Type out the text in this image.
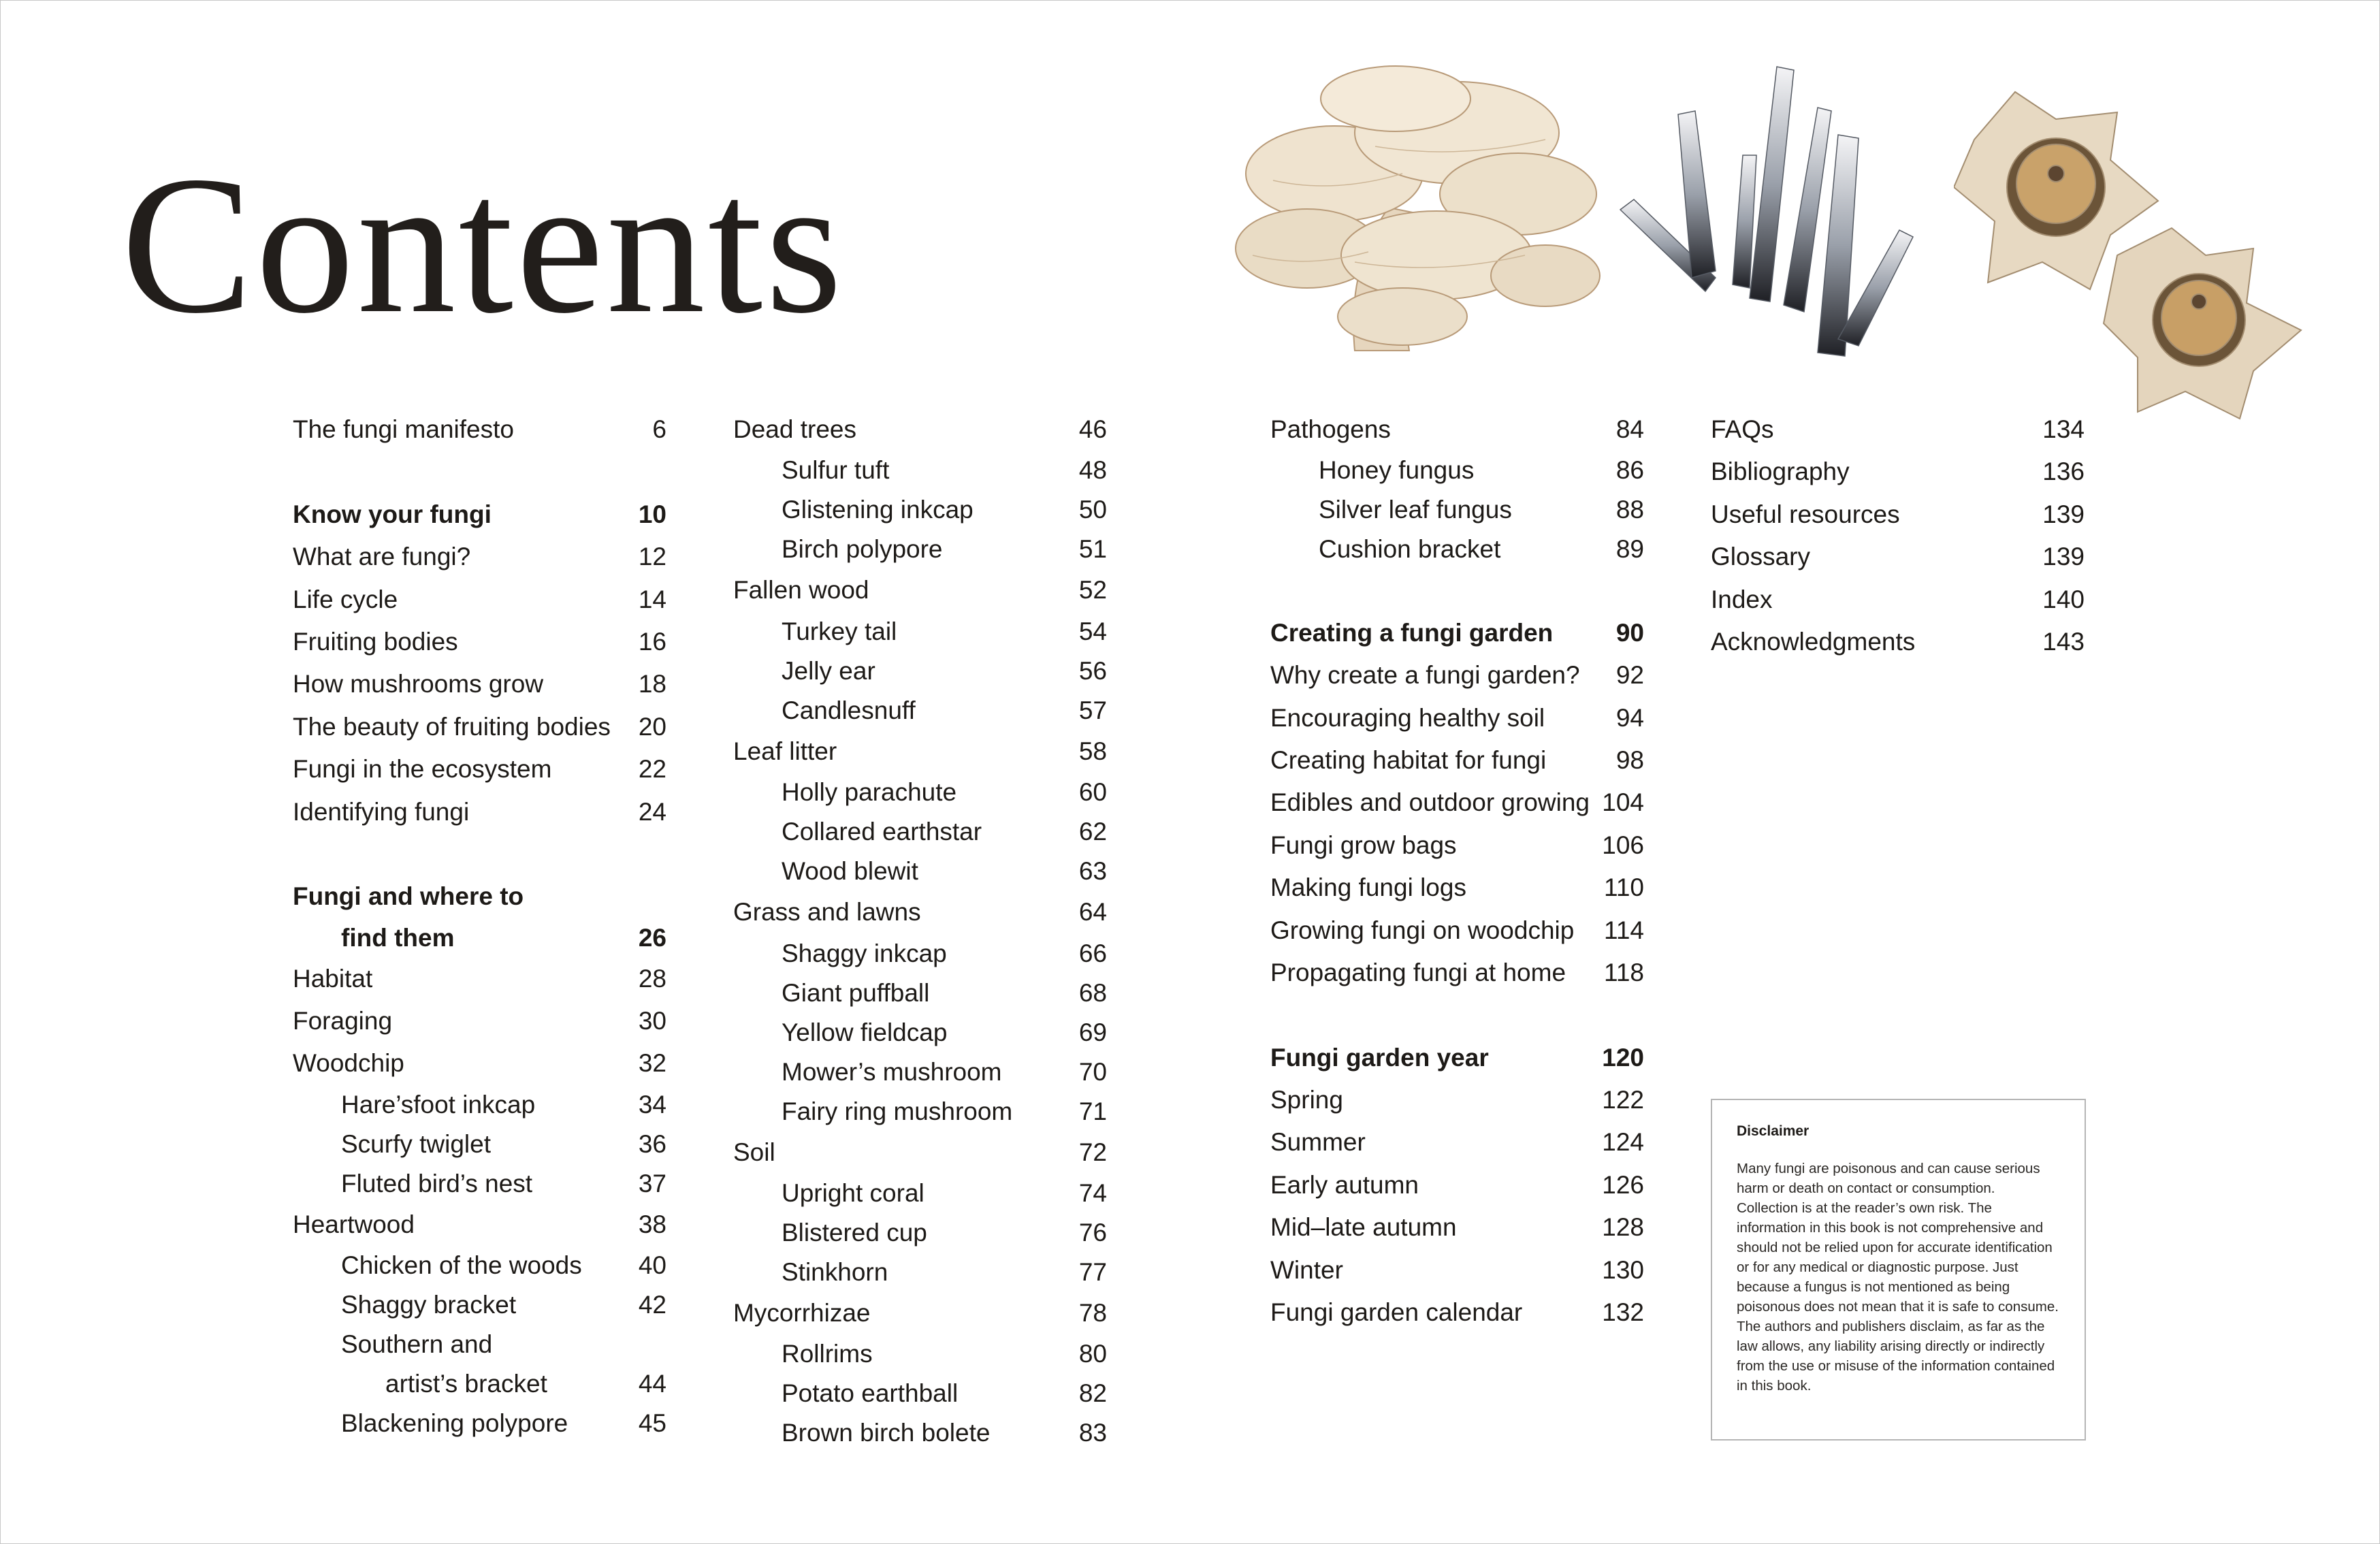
Contents
The fungi manifesto	6
Know your fungi	10
What are fungi?	12
Life cycle	14
Fruiting bodies	16
How mushrooms grow	18
The beauty of fruiting bodies 20
Fungi in the ecosystem	22
Identifying fungi	24
Fungi and where to
find them	26
Habitat	28
Foraging	30
Woodchip	32
Hare’sfoot inkcap	34
Scurfy twiglet	36
Fluted bird’s nest	37
Heartwood	38
Chicken of the woods 40
Shaggy bracket	42
Southern and
artist’s bracket	44
Blackening polypore	45
Dead trees	46
Sulfur tuft	48
Glistening inkcap	50
Birch polypore	51
Fallen wood	52
Turkey tail	54
Jelly ear	56
Candlesnuff	57
Leaf litter	58
Holly parachute	60
Collared earthstar	62
Wood blewit	63
Grass and lawns	64
Shaggy inkcap	66
Giant puffball	68
Yellow fieldcap	69
Mower’s mushroom	70
Fairy ring mushroom	71
Soil	72
Upright coral	74
Blistered cup	76
Stinkhorn	77
Mycorrhizae	78
Rollrims	80
Potato earthball	82
Brown birch bolete	83
Pathogens	84
Honey fungus	86
Silver leaf fungus	88
Cushion bracket	89
Creating a fungi garden	90
Why create a fungi garden? 92
Encouraging healthy soil	94
Creating habitat for fungi	98
Edibles and outdoor growing 104
Fungi grow bags	106
Making fungi logs	110
Growing fungi on woodchip 114
Propagating fungi at home 118
Fungi garden year	120
Spring	122
Summer	124
Early autumn	126
Mid–late autumn	128
Winter	130
Fungi garden calendar	132
FAQs	134
Bibliography	136
Useful resources	139
Glossary	139
Index	140
Acknowledgments	143
Disclaimer

Many fungi are poisonous and can cause serious harm or death on contact or consumption. Collection is at the reader’s own risk. The information in this book is not comprehensive and should not be relied upon for accurate identification or for any medical or diagnostic purpose. Just because a fungus is not mentioned as being poisonous does not mean that it is safe to consume. The authors and publishers disclaim, as far as the law allows, any liability arising directly or indirectly from the use or misuse of the information contained in this book.
